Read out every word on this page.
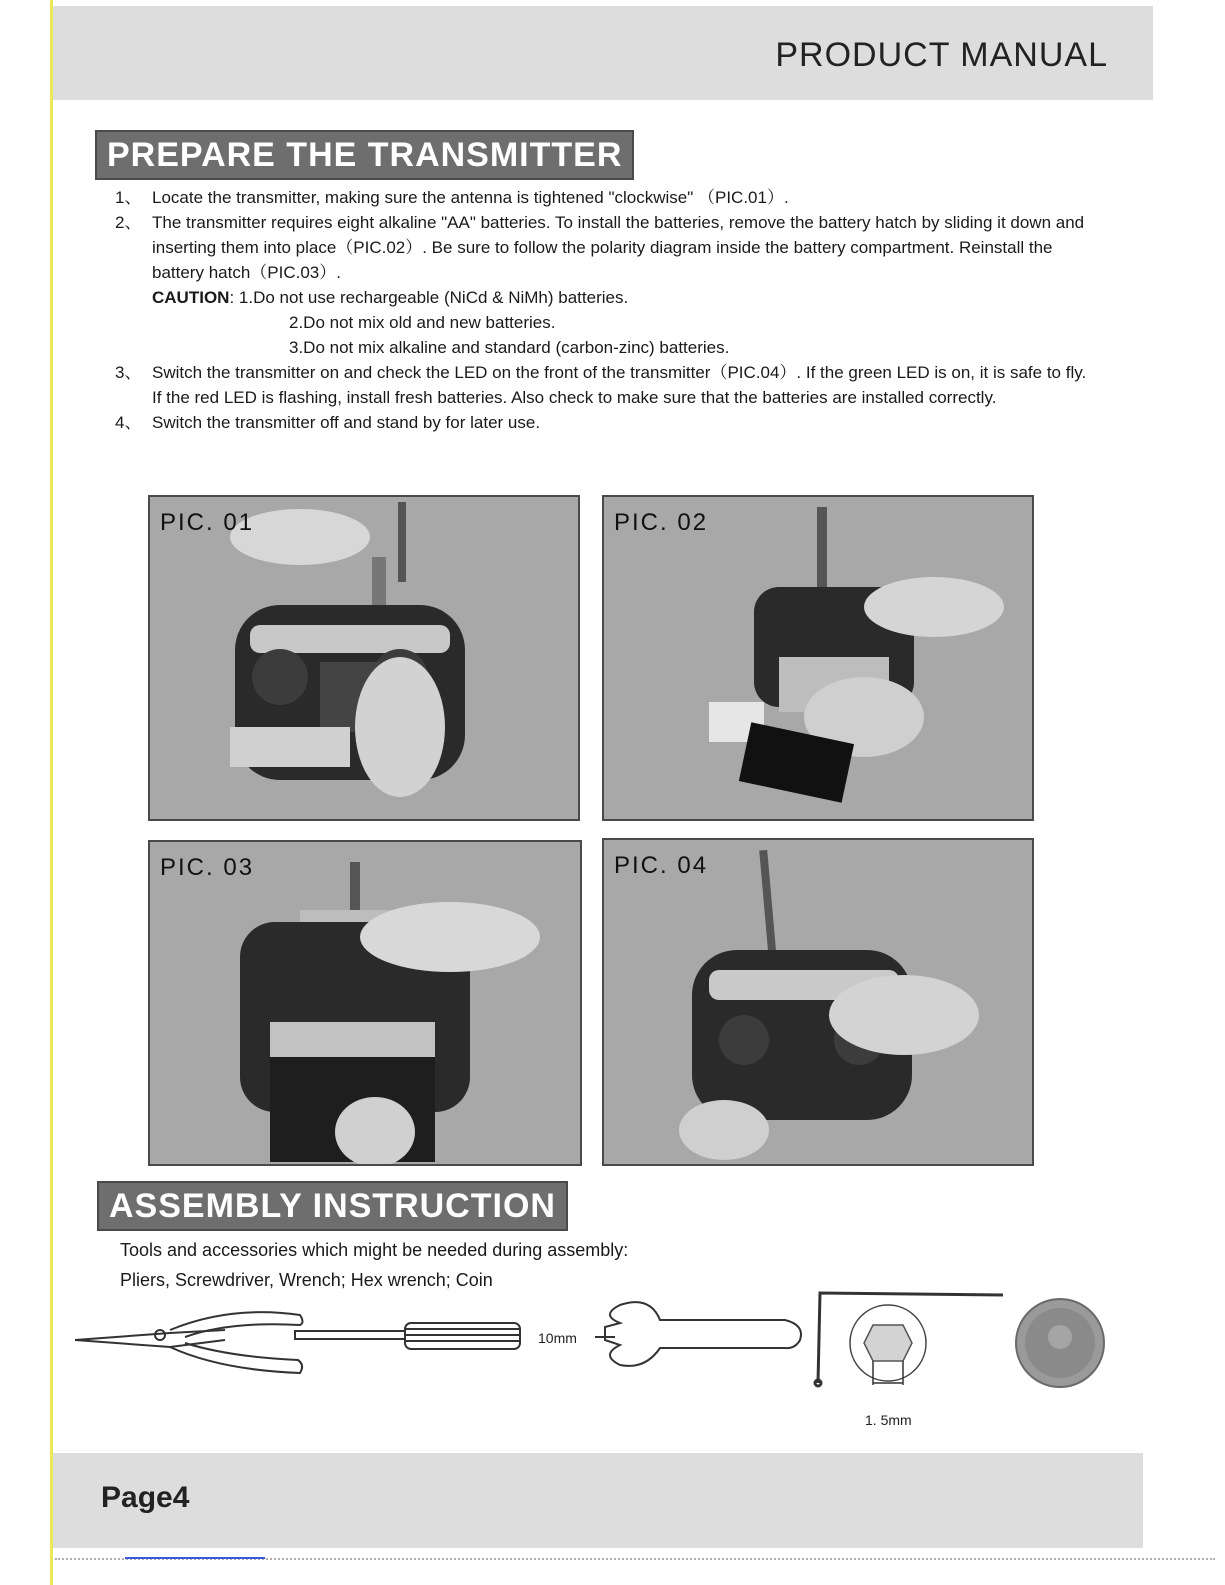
PRODUCT MANUAL
PREPARE THE TRANSMITTER
1、 Locate the transmitter, making sure the antenna is tightened "clockwise" （PIC.01）.
2、 The transmitter requires eight alkaline "AA" batteries. To install the batteries, remove the battery hatch by sliding it down and inserting them into place（PIC.02）. Be sure to follow the polarity diagram inside the battery compartment. Reinstall the battery hatch（PIC.03）.
CAUTION: 1.Do not use rechargeable (NiCd & NiMh) batteries.
2.Do not mix old and new batteries.
3.Do not mix alkaline and standard (carbon-zinc) batteries.
3、 Switch the transmitter on and check the LED on the front of the transmitter（PIC.04）. If the green LED is on, it is safe to fly. If the red LED is flashing, install fresh batteries. Also check to make sure that the batteries are installed correctly.
4、 Switch the transmitter off and stand by for later use.
PIC. 01	PIC. 02
PIC. 03	PIC. 04
ASSEMBLY INSTRUCTION
Tools and accessories which might be needed during assembly:
Pliers, Screwdriver, Wrench; Hex wrench; Coin
10mm
1. 5mm
Page4
